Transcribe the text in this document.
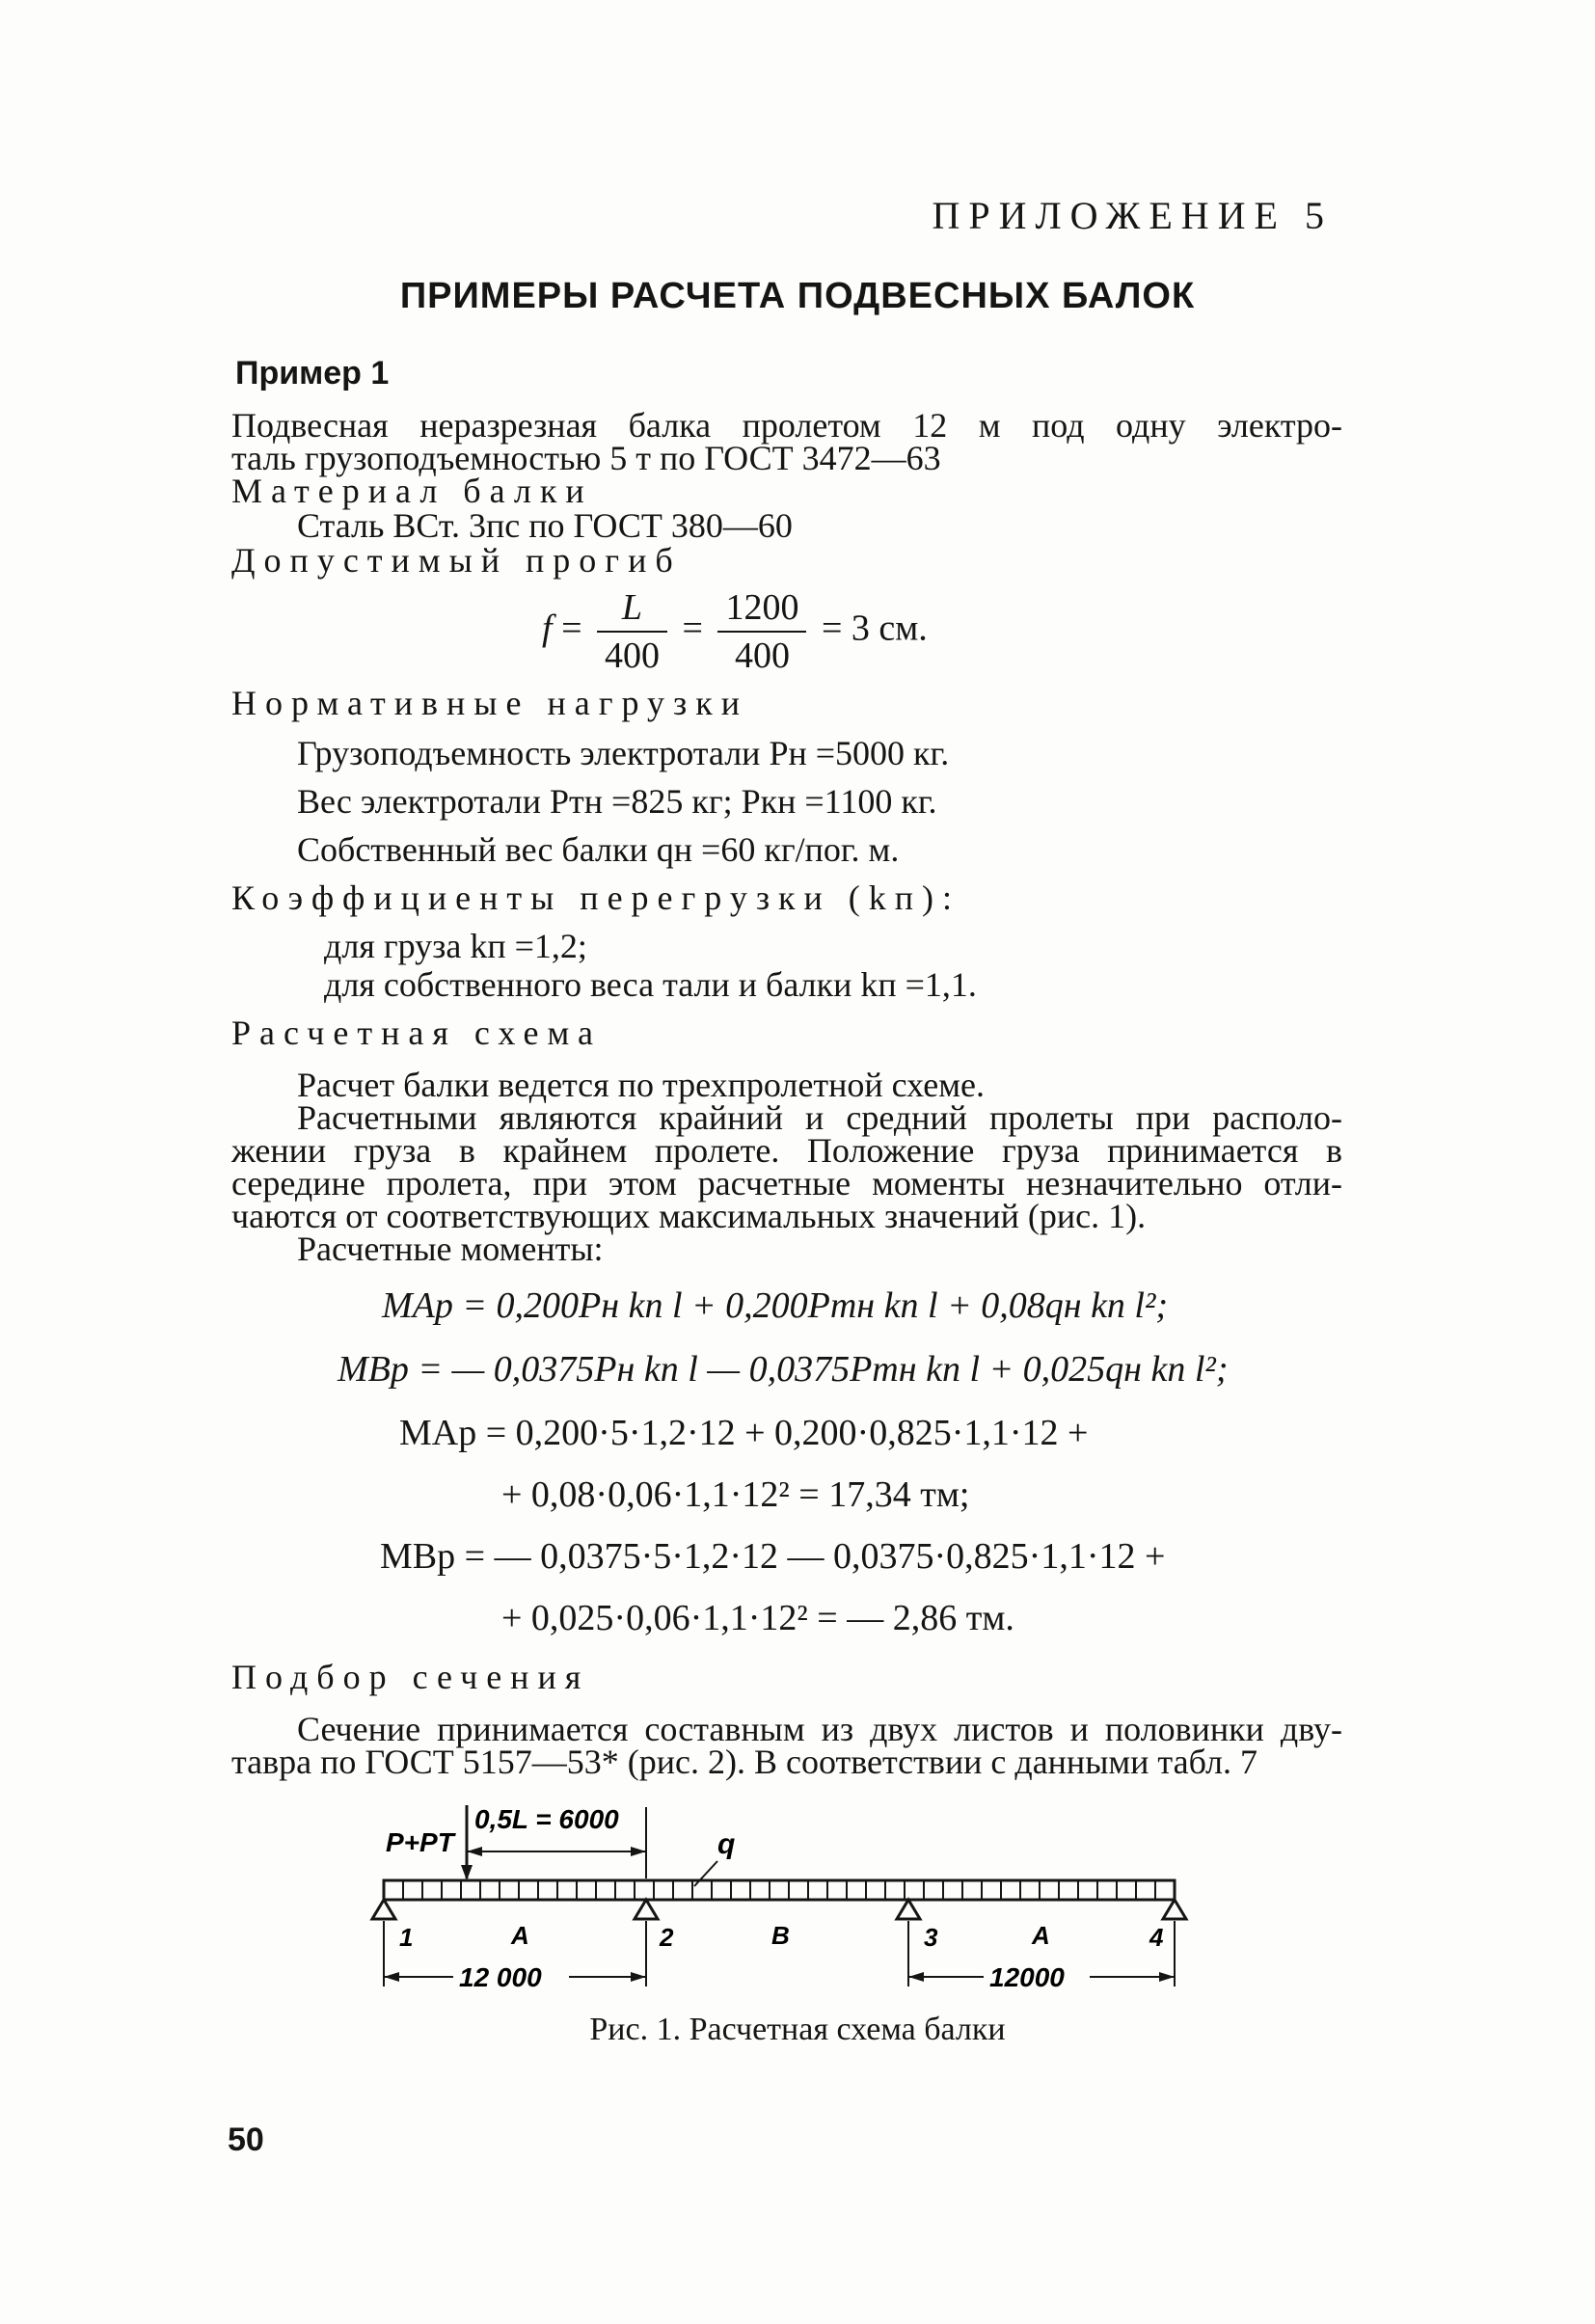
ПРИЛОЖЕНИЕ 5
ПРИМЕРЫ РАСЧЕТА ПОДВЕСНЫХ БАЛОК
Пример 1
Подвесная неразрезная балка пролетом 12 м под одну электро-
таль грузоподъемностью 5 т по ГОСТ 3472—63
Материал балки
Сталь ВСт. 3пс по ГОСТ 380—60
Допустимый прогиб
$f = \frac{L}{400} = \frac{1200}{400} = 3$ см.
Нормативные нагрузки
Грузоподъемность электротали Pн =5000 кг.
Вес электротали Pтн =825 кг; Pкн =1100 кг.
Собственный вес балки qн =60 кг/пог. м.
Коэффициенты перегрузки (kп):
для груза kп =1,2;
для собственного веса тали и балки kп =1,1.
Расчетная схема
Расчет балки ведется по трехпролетной схеме.
Расчетными являются крайний и средний пролеты при располо-
жении груза в крайнем пролете. Положение груза принимается в
середине пролета, при этом расчетные моменты незначительно отли-
чаются от соответствующих максимальных значений (рис. 1).
Расчетные моменты:
MAр = 0,200Pн kп l + 0,200Pтн kп l + 0,08qн kп l²;
MBр = — 0,0375Pн kп l — 0,0375Pтн kп l + 0,025qн kп l²;
MAр = 0,200·5·1,2·12 + 0,200·0,825·1,1·12 +
+ 0,08·0,06·1,1·12² = 17,34 тм;
MBр = — 0,0375·5·1,2·12 — 0,0375·0,825·1,1·12 +
+ 0,025·0,06·1,1·12² = — 2,86 тм.
Подбор сечения
Сечение принимается составным из двух листов и половинки дву-
тавра по ГОСТ 5157—53* (рис. 2). В соответствии с данными табл. 7
0,5L = 6000
P+PT	q
1	2	3	4
A	B	A
12 000	12000
Рис. 1. Расчетная схема балки
50
